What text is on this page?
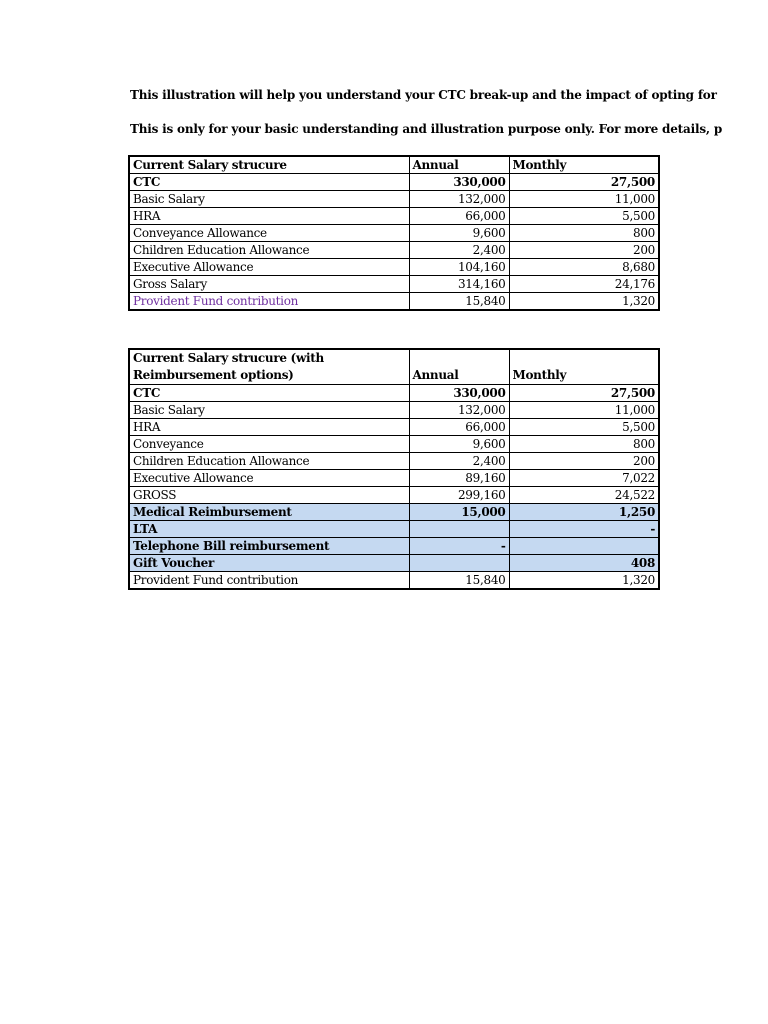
This illustration will help you understand your CTC break-up and the impact of opting for
This is only for your basic understanding and illustration purpose only. For more details, p
Current Salary strucure	Annual	Monthly
CTC	330,000	27,500
Basic Salary	132,000	11,000
HRA	66,000	5,500
Conveyance Allowance	9,600	800
Children Education Allowance	2,400	200
Executive Allowance	104,160	8,680
Gross Salary	314,160	24,176
Provident Fund contribution	15,840	1,320
Current Salary strucure (with Reimbursement options)	Annual	Monthly
CTC	330,000	27,500
Basic Salary	132,000	11,000
HRA	66,000	5,500
Conveyance	9,600	800
Children Education Allowance	2,400	200
Executive Allowance	89,160	7,022
GROSS	299,160	24,522
Medical Reimbursement	15,000	1,250
LTA		-
Telephone Bill reimbursement	-	
Gift Voucher		408
Provident Fund contribution	15,840	1,320
